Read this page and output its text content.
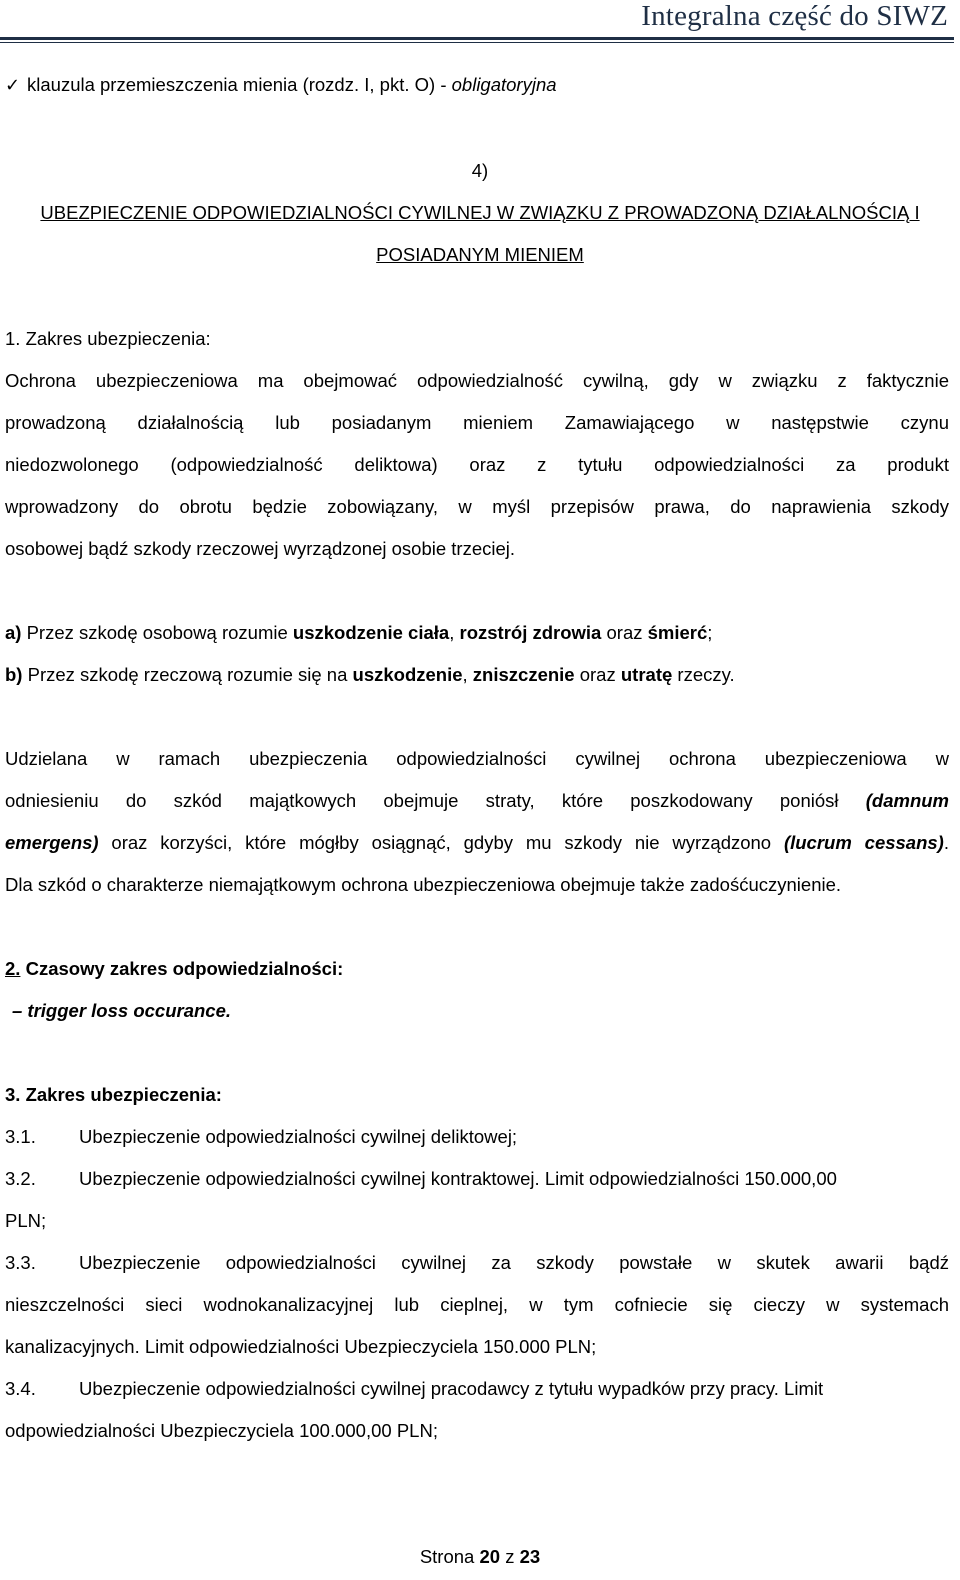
Integralna część do SIWZ
✓ klauzula przemieszczenia mienia (rozdz. I, pkt. O) - obligatoryjna
4)
UBEZPIECZENIE ODPOWIEDZIALNOŚCI CYWILNEJ W ZWIĄZKU Z PROWADZONĄ DZIAŁALNOŚCIĄ I
POSIADANYM MIENIEM
1. Zakres ubezpieczenia:
Ochrona ubezpieczeniowa ma obejmować odpowiedzialność cywilną, gdy w związku z faktycznie
prowadzoną działalnością lub posiadanym mieniem Zamawiającego w następstwie czynu
niedozwolonego (odpowiedzialność deliktowa) oraz z tytułu odpowiedzialności za produkt
wprowadzony do obrotu będzie zobowiązany, w myśl przepisów prawa, do naprawienia szkody
osobowej bądź szkody rzeczowej wyrządzonej osobie trzeciej.
a) Przez szkodę osobową rozumie uszkodzenie ciała, rozstrój zdrowia oraz śmierć;
b) Przez szkodę rzeczową rozumie się na uszkodzenie, zniszczenie oraz utratę rzeczy.
Udzielana w ramach ubezpieczenia odpowiedzialności cywilnej ochrona ubezpieczeniowa w
odniesieniu do szkód majątkowych obejmuje straty, które poszkodowany poniósł (damnum
emergens) oraz korzyści, które mógłby osiągnąć, gdyby mu szkody nie wyrządzono (lucrum cessans).
Dla szkód o charakterze niemajątkowym ochrona ubezpieczeniowa obejmuje także zadośćuczynienie.
2. Czasowy zakres odpowiedzialności:
– trigger loss occurance.
3. Zakres ubezpieczenia:
3.1. Ubezpieczenie odpowiedzialności cywilnej deliktowej;
3.2. Ubezpieczenie odpowiedzialności cywilnej kontraktowej. Limit odpowiedzialności 150.000,00
PLN;
3.3. Ubezpieczenie odpowiedzialności cywilnej za szkody powstałe w skutek awarii bądź
nieszczelności sieci wodnokanalizacyjnej lub cieplnej, w tym cofniecie się cieczy w systemach
kanalizacyjnych. Limit odpowiedzialności Ubezpieczyciela 150.000 PLN;
3.4. Ubezpieczenie odpowiedzialności cywilnej pracodawcy z tytułu wypadków przy pracy. Limit
odpowiedzialności Ubezpieczyciela 100.000,00 PLN;
Strona 20 z 23
